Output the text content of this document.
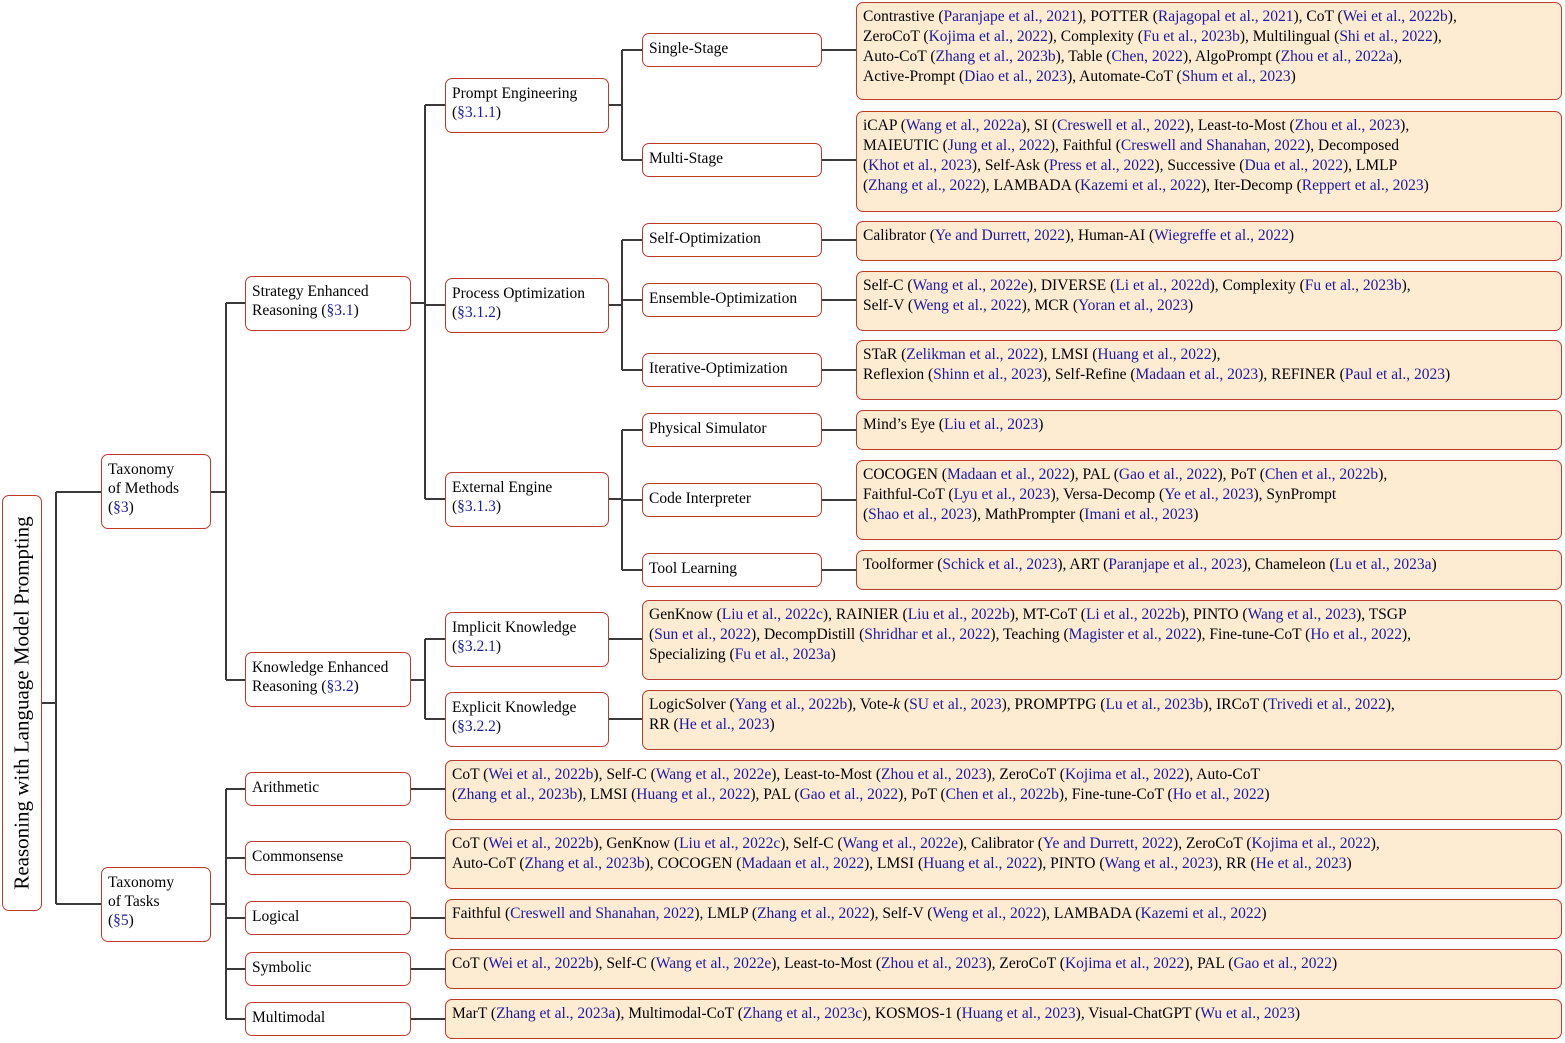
Reasoning with Language Model Prompting
Taxonomy
of Methods
(§3)
Taxonomy
of Tasks
(§5)
Strategy Enhanced
Reasoning (§3.1)
Knowledge Enhanced
Reasoning (§3.2)
Arithmetic
Commonsense
Logical
Symbolic
Multimodal
Prompt Engineering
(§3.1.1)
Process Optimization
(§3.1.2)
External Engine
(§3.1.3)
Implicit Knowledge
(§3.2.1)
Explicit Knowledge
(§3.2.2)
Single-Stage
Multi-Stage
Self-Optimization
Ensemble-Optimization
Iterative-Optimization
Physical Simulator
Code Interpreter
Tool Learning
Contrastive (Paranjape et al., 2021), POTTER (Rajagopal et al., 2021), CoT (Wei et al., 2022b),
ZeroCoT (Kojima et al., 2022), Complexity (Fu et al., 2023b), Multilingual (Shi et al., 2022),
Auto-CoT (Zhang et al., 2023b), Table (Chen, 2022), AlgoPrompt (Zhou et al., 2022a),
Active-Prompt (Diao et al., 2023), Automate-CoT (Shum et al., 2023)
iCAP (Wang et al., 2022a), SI (Creswell et al., 2022), Least-to-Most (Zhou et al., 2023),
MAIEUTIC (Jung et al., 2022), Faithful (Creswell and Shanahan, 2022), Decomposed
(Khot et al., 2023), Self-Ask (Press et al., 2022), Successive (Dua et al., 2022), LMLP
(Zhang et al., 2022), LAMBADA (Kazemi et al., 2022), Iter-Decomp (Reppert et al., 2023)
Calibrator (Ye and Durrett, 2022), Human-AI (Wiegreffe et al., 2022)
Self-C (Wang et al., 2022e), DIVERSE (Li et al., 2022d), Complexity (Fu et al., 2023b),
Self-V (Weng et al., 2022), MCR (Yoran et al., 2023)
STaR (Zelikman et al., 2022), LMSI (Huang et al., 2022),
Reflexion (Shinn et al., 2023), Self-Refine (Madaan et al., 2023), REFINER (Paul et al., 2023)
Mind’s Eye (Liu et al., 2023)
COCOGEN (Madaan et al., 2022), PAL (Gao et al., 2022), PoT (Chen et al., 2022b),
Faithful-CoT (Lyu et al., 2023), Versa-Decomp (Ye et al., 2023), SynPrompt
(Shao et al., 2023), MathPrompter (Imani et al., 2023)
Toolformer (Schick et al., 2023), ART (Paranjape et al., 2023), Chameleon (Lu et al., 2023a)
GenKnow (Liu et al., 2022c), RAINIER (Liu et al., 2022b), MT-CoT (Li et al., 2022b), PINTO (Wang et al., 2023), TSGP
(Sun et al., 2022), DecompDistill (Shridhar et al., 2022), Teaching (Magister et al., 2022), Fine-tune-CoT (Ho et al., 2022),
Specializing (Fu et al., 2023a)
LogicSolver (Yang et al., 2022b), Vote-k (SU et al., 2023), PROMPTPG (Lu et al., 2023b), IRCoT (Trivedi et al., 2022),
RR (He et al., 2023)
CoT (Wei et al., 2022b), Self-C (Wang et al., 2022e), Least-to-Most (Zhou et al., 2023), ZeroCoT (Kojima et al., 2022), Auto-CoT
(Zhang et al., 2023b), LMSI (Huang et al., 2022), PAL (Gao et al., 2022), PoT (Chen et al., 2022b), Fine-tune-CoT (Ho et al., 2022)
CoT (Wei et al., 2022b), GenKnow (Liu et al., 2022c), Self-C (Wang et al., 2022e), Calibrator (Ye and Durrett, 2022), ZeroCoT (Kojima et al., 2022),
Auto-CoT (Zhang et al., 2023b), COCOGEN (Madaan et al., 2022), LMSI (Huang et al., 2022), PINTO (Wang et al., 2023), RR (He et al., 2023)
Faithful (Creswell and Shanahan, 2022), LMLP (Zhang et al., 2022), Self-V (Weng et al., 2022), LAMBADA (Kazemi et al., 2022)
CoT (Wei et al., 2022b), Self-C (Wang et al., 2022e), Least-to-Most (Zhou et al., 2023), ZeroCoT (Kojima et al., 2022), PAL (Gao et al., 2022)
MarT (Zhang et al., 2023a), Multimodal-CoT (Zhang et al., 2023c), KOSMOS-1 (Huang et al., 2023), Visual-ChatGPT (Wu et al., 2023)
